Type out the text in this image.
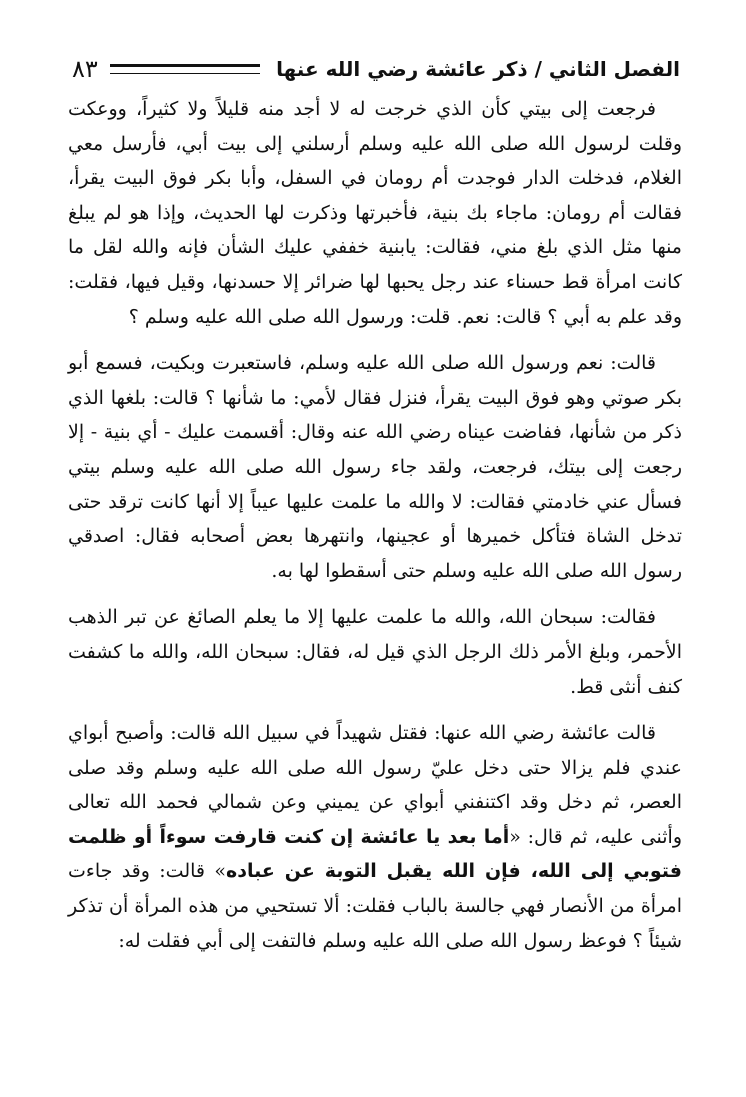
الفصل الثاني / ذكر عائشة رضي الله عنها
٨٣

فرجعت إلى بيتي كأن الذي خرجت له لا أجد منه قليلاً ولا كثيراً، ووعكت وقلت لرسول الله صلى الله عليه وسلم أرسلني إلى بيت أبي، فأرسل معي الغلام، فدخلت الدار فوجدت أم رومان في السفل، وأبا بكر فوق البيت يقرأ، فقالت أم رومان: ماجاء بك بنية، فأخبرتها وذكرت لها الحديث، وإذا هو لم يبلغ منها مثل الذي بلغ مني، فقالت: يابنية خففي عليك الشأن فإنه والله لقل ما كانت امرأة قط حسناء عند رجل يحبها لها ضرائر إلا حسدنها، وقيل فيها، فقلت: وقد علم به أبي ؟ قالت: نعم. قلت: ورسول الله صلى الله عليه وسلم ؟

قالت: نعم ورسول الله صلى الله عليه وسلم، فاستعبرت وبكيت، فسمع أبو بكر صوتي وهو فوق البيت يقرأ، فنزل فقال لأمي: ما شأنها ؟ قالت: بلغها الذي ذكر من شأنها، ففاضت عيناه رضي الله عنه وقال: أقسمت عليك - أي بنية - إلا رجعت إلى بيتك، فرجعت، ولقد جاء رسول الله صلى الله عليه وسلم بيتي فسأل عني خادمتي فقالت: لا والله ما علمت عليها عيباً إلا أنها كانت ترقد حتى تدخل الشاة فتأكل خميرها أو عجينها، وانتهرها بعض أصحابه فقال: اصدقي رسول الله صلى الله عليه وسلم حتى أسقطوا لها به.

فقالت: سبحان الله، والله ما علمت عليها إلا ما يعلم الصائغ عن تبر الذهب الأحمر، وبلغ الأمر ذلك الرجل الذي قيل له، فقال: سبحان الله، والله ما كشفت كنف أنثى قط.

قالت عائشة رضي الله عنها: فقتل شهيداً في سبيل الله قالت: وأصبح أبواي عندي فلم يزالا حتى دخل عليّ رسول الله صلى الله عليه وسلم وقد صلى العصر، ثم دخل وقد اكتنفني أبواي عن يميني وعن شمالي فحمد الله تعالى وأثنى عليه، ثم قال: «أما بعد يا عائشة إن كنت قارفت سوءاً أو ظلمت فتوبي إلى الله، فإن الله يقبل التوبة عن عباده» قالت: وقد جاءت امرأة من الأنصار فهي جالسة بالباب فقلت: ألا تستحيي من هذه المرأة أن تذكر شيئاً ؟ فوعظ رسول الله صلى الله عليه وسلم فالتفت إلى أبي فقلت له:
